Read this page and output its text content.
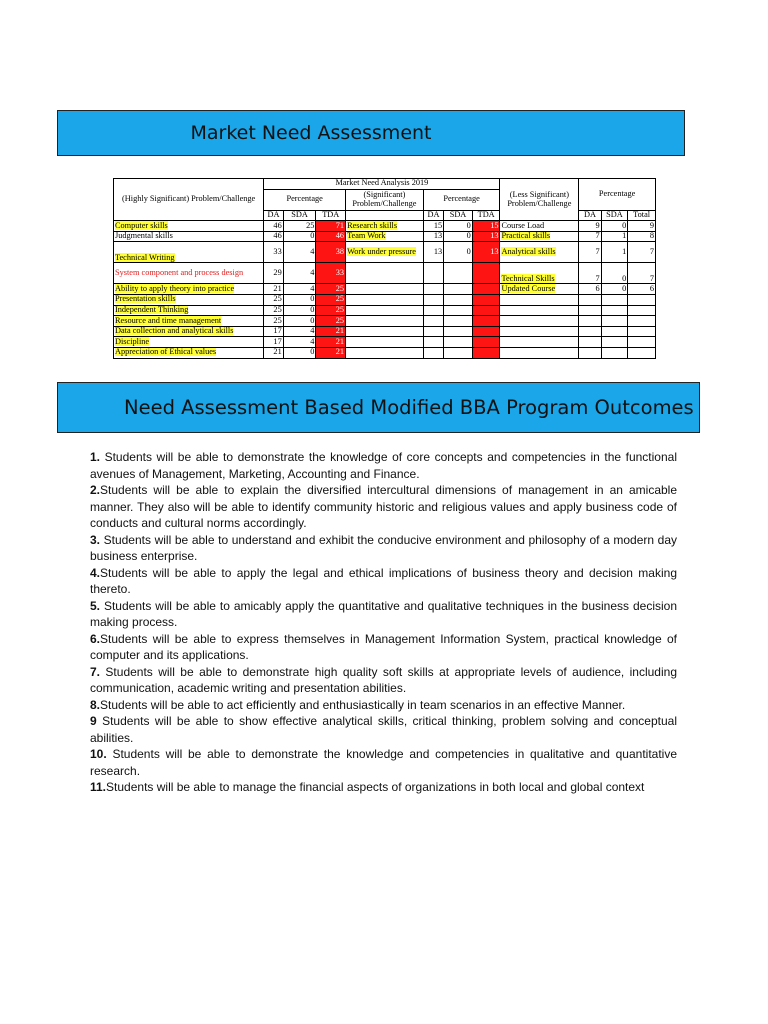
Market Need Assessment
(Highly Significant) Problem/Challenge	Market Need Analysis 2019							(Less Significant) Problem/Challenge	Percentage		
	Percentage			(Significant) Problem/Challenge	Percentage						
	DA	SDA	TDA		DA	SDA	TDA		DA	SDA	Total
Computer skills	46	25	71	Research skills	15	0	15	Course Load	9	0	9
Judgmental skills	46	0	46	Team Work	13	0	13	Practical skills	7	1	8
Technical Writing	33	4	38	Work under pressure	13	0	13	Analytical skills	7	1	7
System component and process design	29	4	33					Technical Skills	7	0	7
Ability to apply theory into practice	21	4	25					Updated Course	6	0	6
Presentation skills	25	0	25								
Independent Thinking	25	0	25								
Resource and time management	25	0	25								
Data collection and analytical skills	17	4	21								
Discipline	17	4	21								
Appreciation of Ethical values	21	0	21								
Need Assessment Based Modified BBA Program Outcomes

1. Students will be able to demonstrate the knowledge of core concepts and competencies in the functional avenues of Management, Marketing, Accounting and Finance.

2.Students will be able to explain the diversified intercultural dimensions of management in an amicable manner. They also will be able to identify community historic and religious values and apply business code of conducts and cultural norms accordingly.

3. Students will be able to understand and exhibit the conducive environment and philosophy of a modern day business enterprise.

4.Students will be able to apply the legal and ethical implications of business theory and decision making thereto.

5. Students will be able to amicably apply the quantitative and qualitative techniques in the business decision making process.

6.Students will be able to express themselves in Management Information System, practical knowledge of computer and its applications.

7. Students will be able to demonstrate high quality soft skills at appropriate levels of audience, including communication, academic writing and presentation abilities.

8.Students will be able to act efficiently and enthusiastically in team scenarios in an effective Manner.

9 Students will be able to show effective analytical skills, critical thinking, problem solving and conceptual abilities.

10. Students will be able to demonstrate the knowledge and competencies in qualitative and quantitative research.

11.Students will be able to manage the financial aspects of organizations in both local and global context
